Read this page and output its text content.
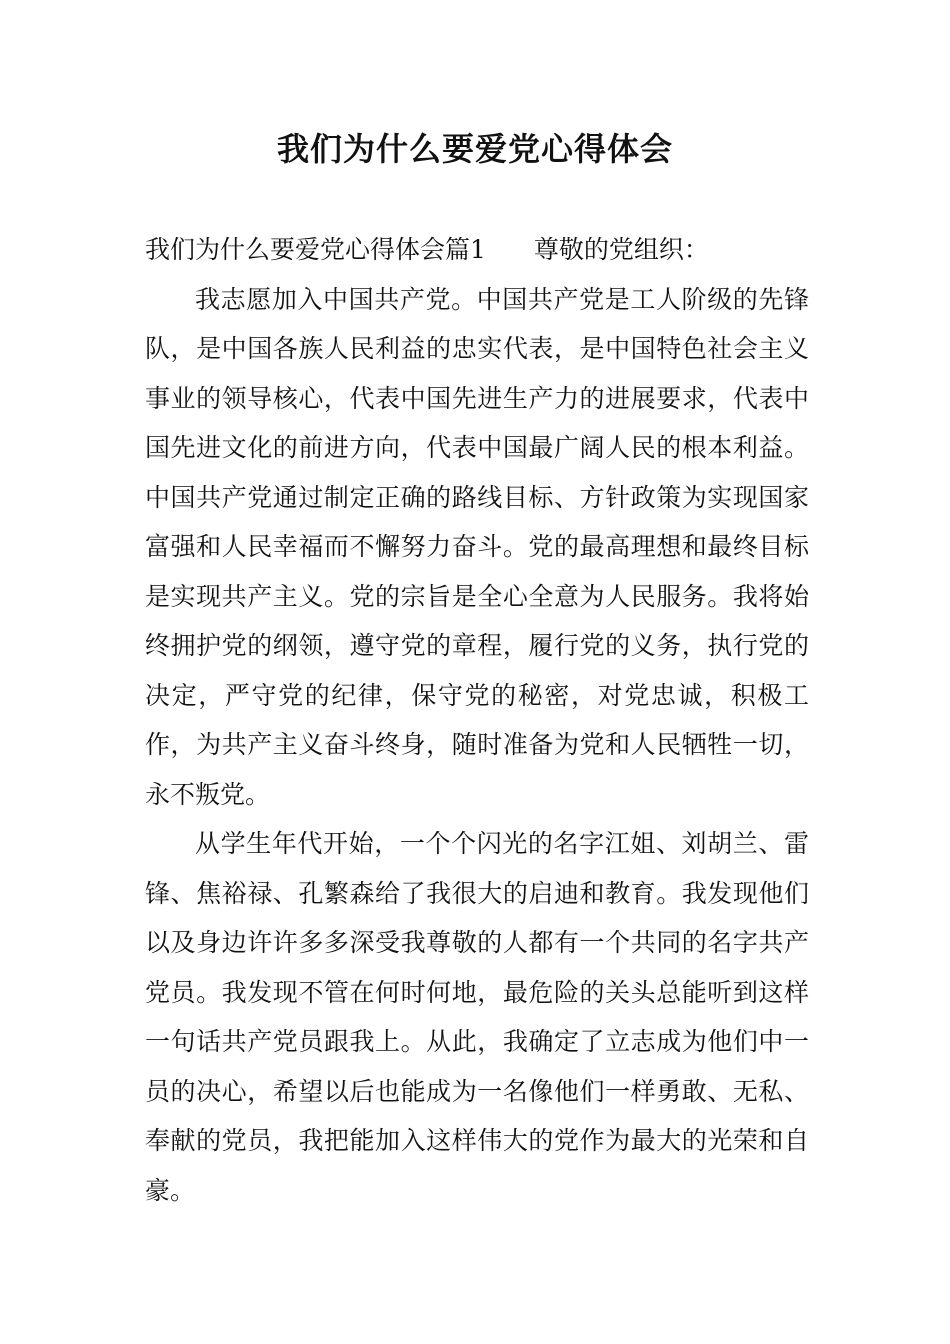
我们为什么要爱党心得体会

我们为什么要爱党心得体会篇1 尊敬的党组织：

我志愿加入中国共产党。中国共产党是工人阶级的先锋队，是中国各族人民利益的忠实代表，是中国特色社会主义事业的领导核心，代表中国先进生产力的进展要求，代表中国先进文化的前进方向，代表中国最广阔人民的根本利益。中国共产党通过制定正确的路线目标、方针政策为实现国家富强和人民幸福而不懈努力奋斗。党的最高理想和最终目标是实现共产主义。党的宗旨是全心全意为人民服务。我将始终拥护党的纲领，遵守党的章程，履行党的义务，执行党的决定，严守党的纪律，保守党的秘密，对党忠诚，积极工作，为共产主义奋斗终身，随时准备为党和人民牺牲一切，永不叛党。

从学生年代开始，一个个闪光的名字江姐、刘胡兰、雷锋、焦裕禄、孔繁森给了我很大的启迪和教育。我发现他们以及身边许许多多深受我尊敬的人都有一个共同的名字共产党员。我发现不管在何时何地，最危险的关头总能听到这样一句话共产党员跟我上。从此，我确定了立志成为他们中一员的决心，希望以后也能成为一名像他们一样勇敢、无私、奉献的党员，我把能加入这样伟大的党作为最大的光荣和自豪。
